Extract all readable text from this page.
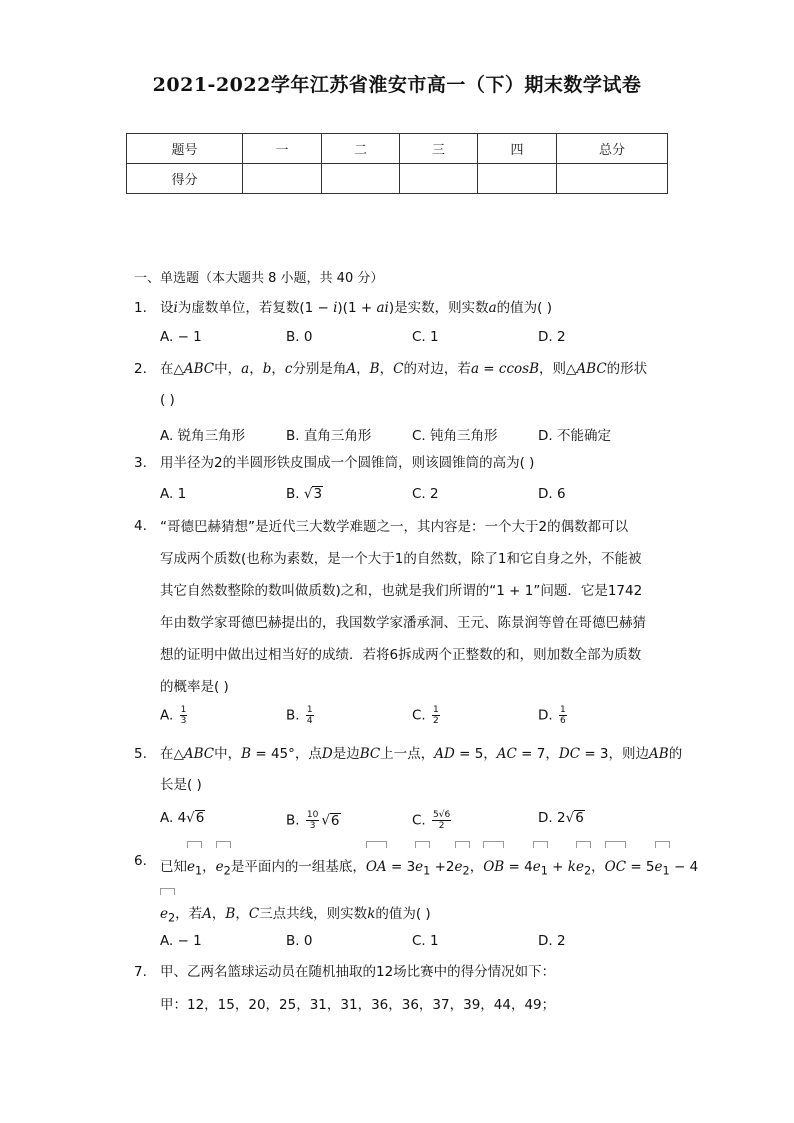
2021-2022学年江苏省淮安市高一（下）期末数学试卷
题号	一	二	三	四	总分
得分					
一、单选题（本大题共 8 小题，共 40 分）
1. 设i为虚数单位，若复数(1 − i)(1 + ai)是实数，则实数a的值为( )
A. − 1	B. 0	C. 1	D. 2
2. 在△ABC中，a，b，c分别是角A，B，C的对边，若a = ccosB，则△ABC的形状
( )
A. 锐角三角形	B. 直角三角形	C. 钝角三角形	D. 不能确定
3. 用半径为2的半圆形铁皮围成一个圆锥筒，则该圆锥筒的高为( )
A. 1	B. √3	C. 2	D. 6
4. “哥德巴赫猜想”是近代三大数学难题之一，其内容是：一个大于2的偶数都可以
写成两个质数(也称为素数，是一个大于1的自然数，除了1和它自身之外，不能被
其它自然数整除的数叫做质数)之和，也就是我们所谓的“1 + 1”问题．它是1742
年由数学家哥德巴赫提出的，我国数学家潘承洞、王元、陈景润等曾在哥德巴赫猜
想的证明中做出过相当好的成绩．若将6拆成两个正整数的和，则加数全部为质数
的概率是( )
A. $\frac{1}{3}$	B. $\frac{1}{4}$	C. $\frac{1}{2}$	D. $\frac{1}{6}$
5. 在△ABC中，B = 45°，点D是边BC上一点，AD = 5，AC = 7，DC = 3，则边AB的
长是( )
A. 4√6	B. $\frac{10}{3} √6$	C. $\frac{5√6}{2}$	D. 2√6
6. 已知$e_1$，$e_2$是平面内的一组基底，OA = $3e_1 +2e_2$，OB = $4e_1 + ke_2$，OC = $5e_1 - 4$
$e_2$，若A，B，C三点共线，则实数k的值为( )
A. − 1	B. 0	C. 1	D. 2
7. 甲、乙两名篮球运动员在随机抽取的12场比赛中的得分情况如下：
甲：12，15，20，25，31，31，36，36，37，39，44，49；
